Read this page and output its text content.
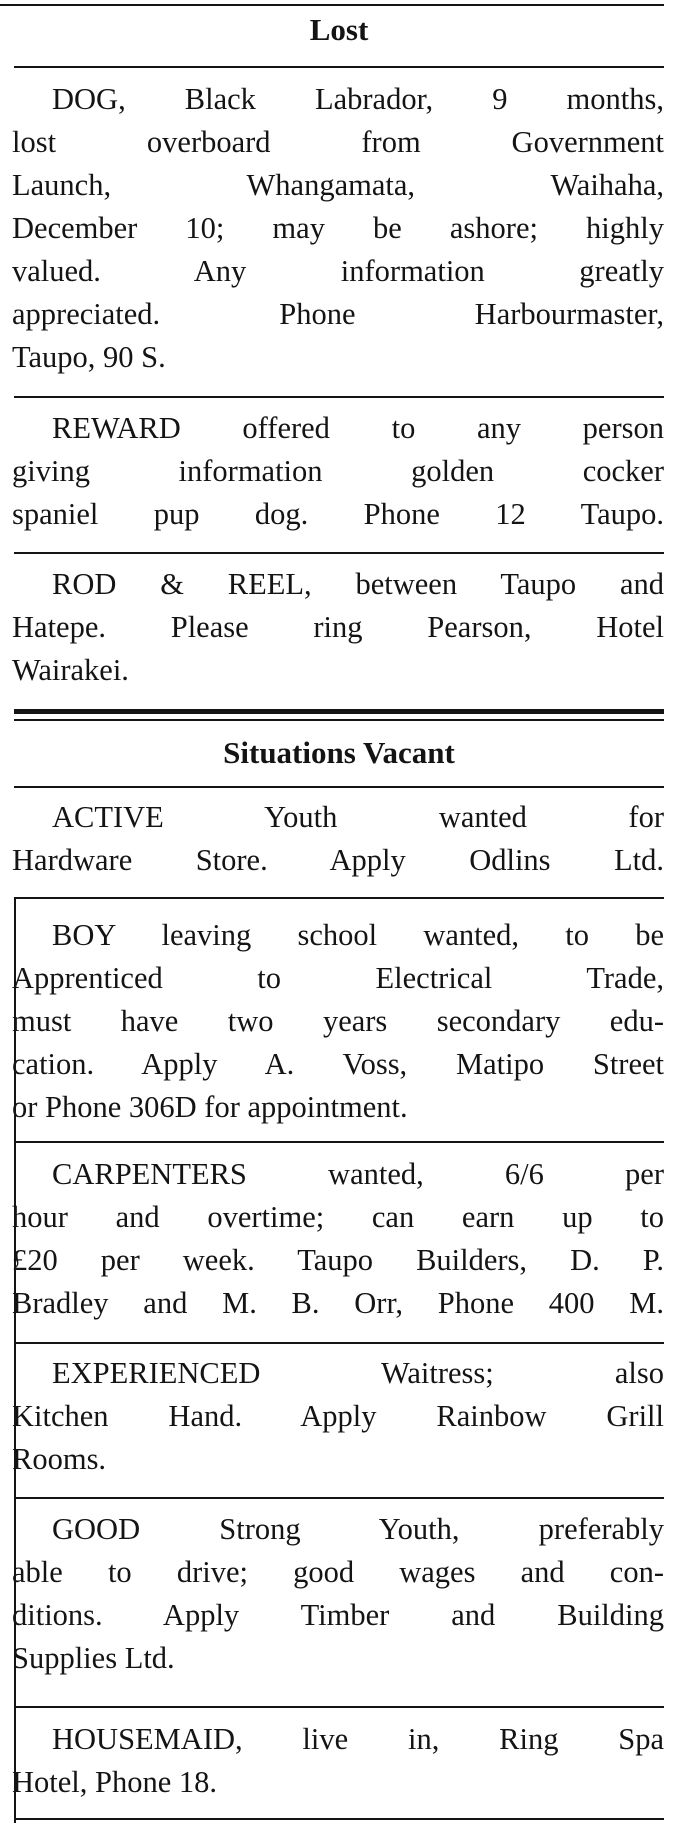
Lost
DOG, Black Labrador, 9 months,
lost overboard from Government
Launch, Whangamata, Waihaha,
December 10; may be ashore; highly
valued. Any information greatly
appreciated. Phone Harbourmaster,
Taupo, 90 S.
REWARD offered to any person
giving information golden cocker
spaniel pup dog. Phone 12 Taupo.
ROD & REEL, between Taupo and
Hatepe. Please ring Pearson, Hotel
Wairakei.
Situations Vacant
ACTIVE Youth wanted for
Hardware Store. Apply Odlins Ltd.
BOY leaving school wanted, to be
Apprenticed to Electrical Trade,
must have two years secondary edu-
cation. Apply A. Voss, Matipo Street
or Phone 306D for appointment.
CARPENTERS wanted, 6/6 per
hour and overtime; can earn up to
£20 per week. Taupo Builders, D. P.
Bradley and M. B. Orr, Phone 400 M.
EXPERIENCED Waitress; also
Kitchen Hand. Apply Rainbow Grill
Rooms.
GOOD Strong Youth, preferably
able to drive; good wages and con-
ditions. Apply Timber and Building
Supplies Ltd.
HOUSEMAID, live in, Ring Spa
Hotel, Phone 18.
